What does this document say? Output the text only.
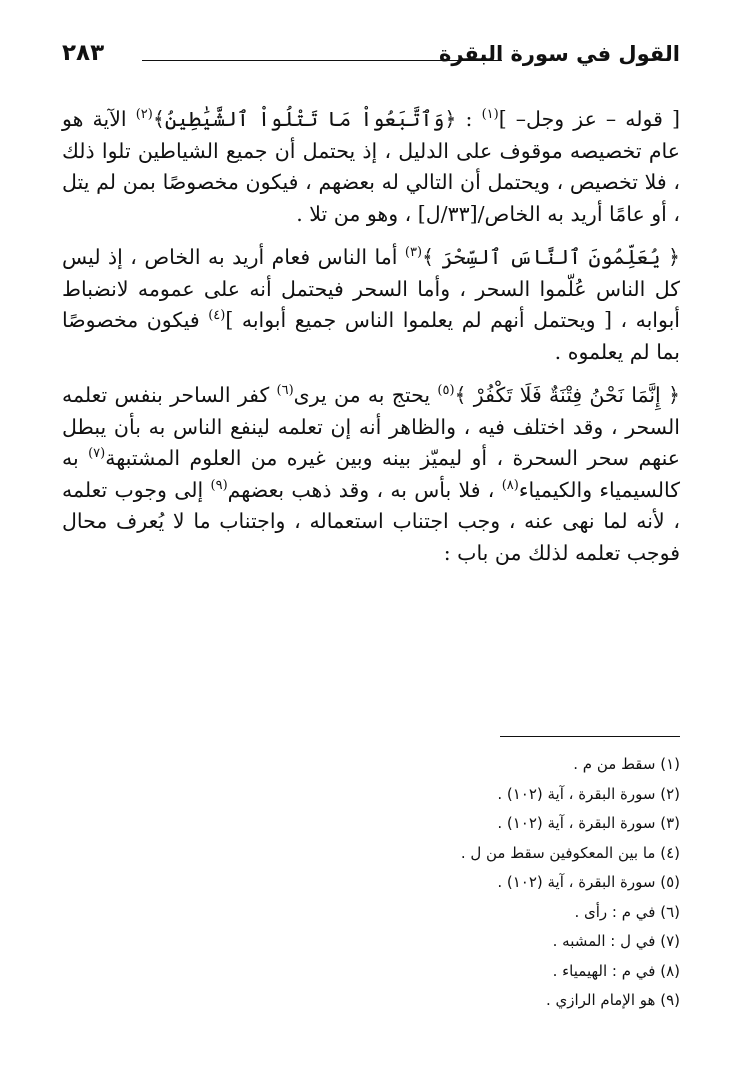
القول في سورة البقرة
٢٨٣

[ قوله – عز وجل– ]$^{(١)}$ : ﴿وَٱتَّبَعُواْ مَا تَتْلُواْ ٱلشَّيَٰطِينُ﴾$^{(٢)}$ الآية هو عام تخصيصه موقوف على الدليل ، إذ يحتمل أن جميع الشياطين تلوا ذلك ، فلا تخصيص ، ويحتمل أن التالي له بعضهم ، فيكون مخصوصًا بمن لم يتل ، أو عامًا أريد به الخاص/[٣٣/ل] ، وهو من تلا .

﴿ يُعَلِّمُونَ ٱلنَّاسَ ٱلسِّحْرَ ﴾$^{(٣)}$ أما الناس فعام أريد به الخاص ، إذ ليس كل الناس عُلّموا السحر ، وأما السحر فيحتمل أنه على عمومه لانضباط أبوابه ، [ ويحتمل أنهم لم يعلموا الناس جميع أبوابه ]$^{(٤)}$ فيكون مخصوصًا بما لم يعلموه .

﴿ إِنَّمَا نَحْنُ فِتْنَةٌ فَلَا تَكْفُرْ ﴾$^{(٥)}$ يحتج به من يرى$^{(٦)}$ كفر الساحر بنفس تعلمه السحر ، وقد اختلف فيه ، والظاهر أنه إن تعلمه لينفع الناس به بأن يبطل عنهم سحر السحرة ، أو ليميّز بينه وبين غيره من العلوم المشتبهة$^{(٧)}$ به كالسيمياء والكيمياء$^{(٨)}$ ، فلا بأس به ، وقد ذهب بعضهم$^{(٩)}$ إلى وجوب تعلمه ، لأنه لما نهى عنه ، وجب اجتناب استعماله ، واجتناب ما لا يُعرف محال فوجب تعلمه لذلك من باب :

(١) سقط من م .
(٢) سورة البقرة ، آية (١٠٢) .
(٣) سورة البقرة ، آية (١٠٢) .
(٤) ما بين المعكوفين سقط من ل .
(٥) سورة البقرة ، آية (١٠٢) .
(٦) في م : رأى .
(٧) في ل : المشبه .
(٨) في م : الهيمياء .
(٩) هو الإمام الرازي .
